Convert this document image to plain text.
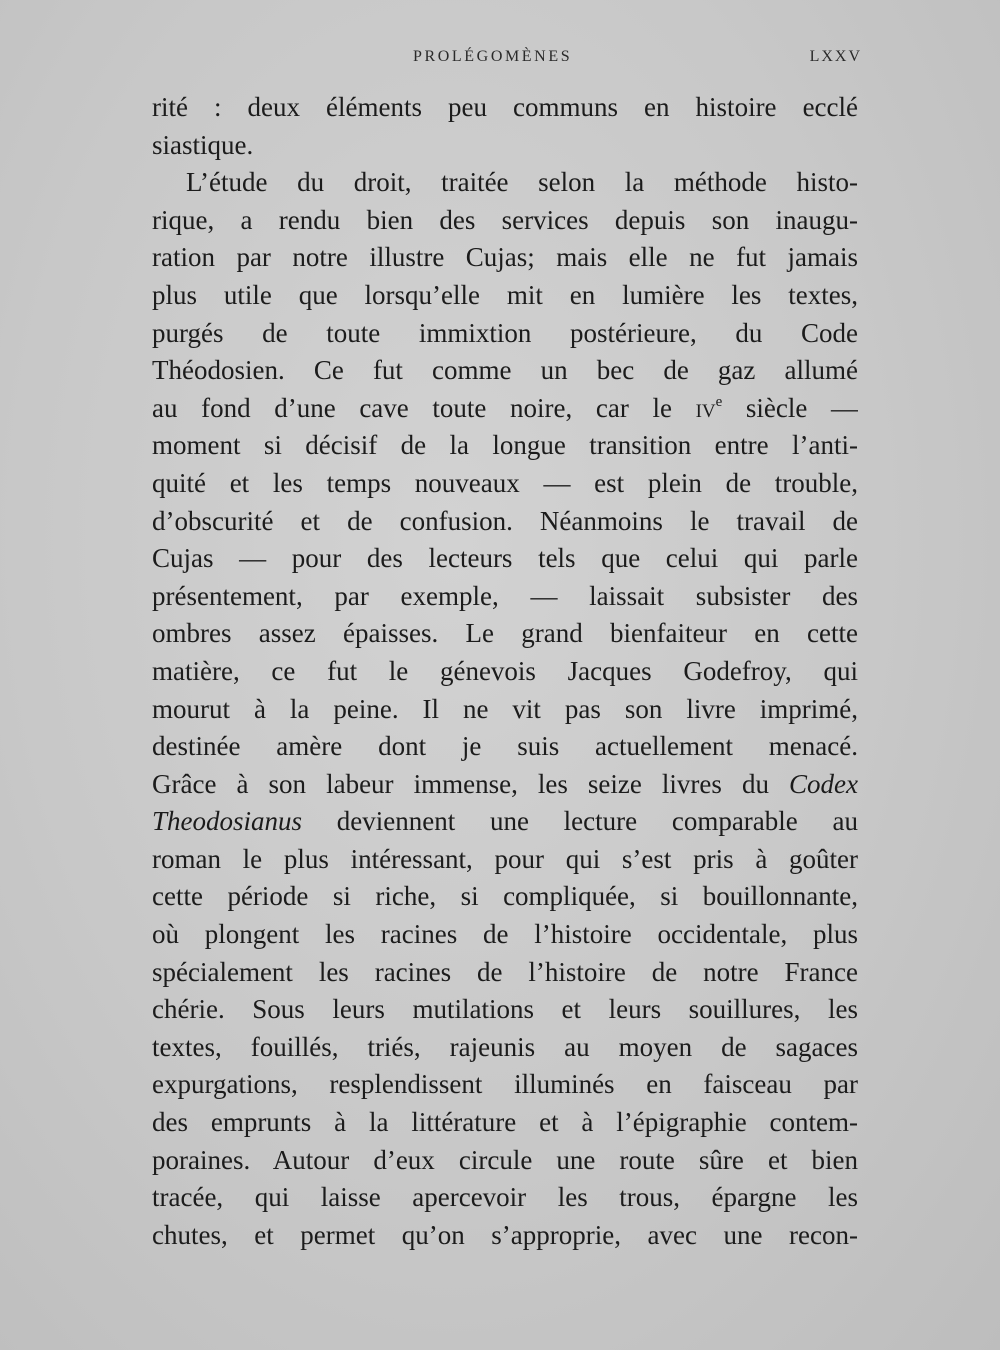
PROLÉGOMÈNES	LXXV
rité : deux éléments peu communs en histoire ecclé
siastique.
L’étude du droit, traitée selon la méthode histo-
rique, a rendu bien des services depuis son inaugu-
ration par notre illustre Cujas; mais elle ne fut jamais
plus utile que lorsqu’elle mit en lumière les textes,
purgés de toute immixtion postérieure, du Code
Théodosien. Ce fut comme un bec de gaz allumé
au fond d’une cave toute noire, car le $iv^e$ siècle —
moment si décisif de la longue transition entre l’anti-
quité et les temps nouveaux — est plein de trouble,
d’obscurité et de confusion. Néanmoins le travail de
Cujas — pour des lecteurs tels que celui qui parle
présentement, par exemple, — laissait subsister des
ombres assez épaisses. Le grand bienfaiteur en cette
matière, ce fut le génevois Jacques Godefroy, qui
mourut à la peine. Il ne vit pas son livre imprimé,
destinée amère dont je suis actuellement menacé.
Grâce à son labeur immense, les seize livres du Codex
Theodosianus deviennent une lecture comparable au
roman le plus intéressant, pour qui s’est pris à goûter
cette période si riche, si compliquée, si bouillonnante,
où plongent les racines de l’histoire occidentale, plus
spécialement les racines de l’histoire de notre France
chérie. Sous leurs mutilations et leurs souillures, les
textes, fouillés, triés, rajeunis au moyen de sagaces
expurgations, resplendissent illuminés en faisceau par
des emprunts à la littérature et à l’épigraphie contem-
poraines. Autour d’eux circule une route sûre et bien
tracée, qui laisse apercevoir les trous, épargne les
chutes, et permet qu’on s’approprie, avec une recon-
